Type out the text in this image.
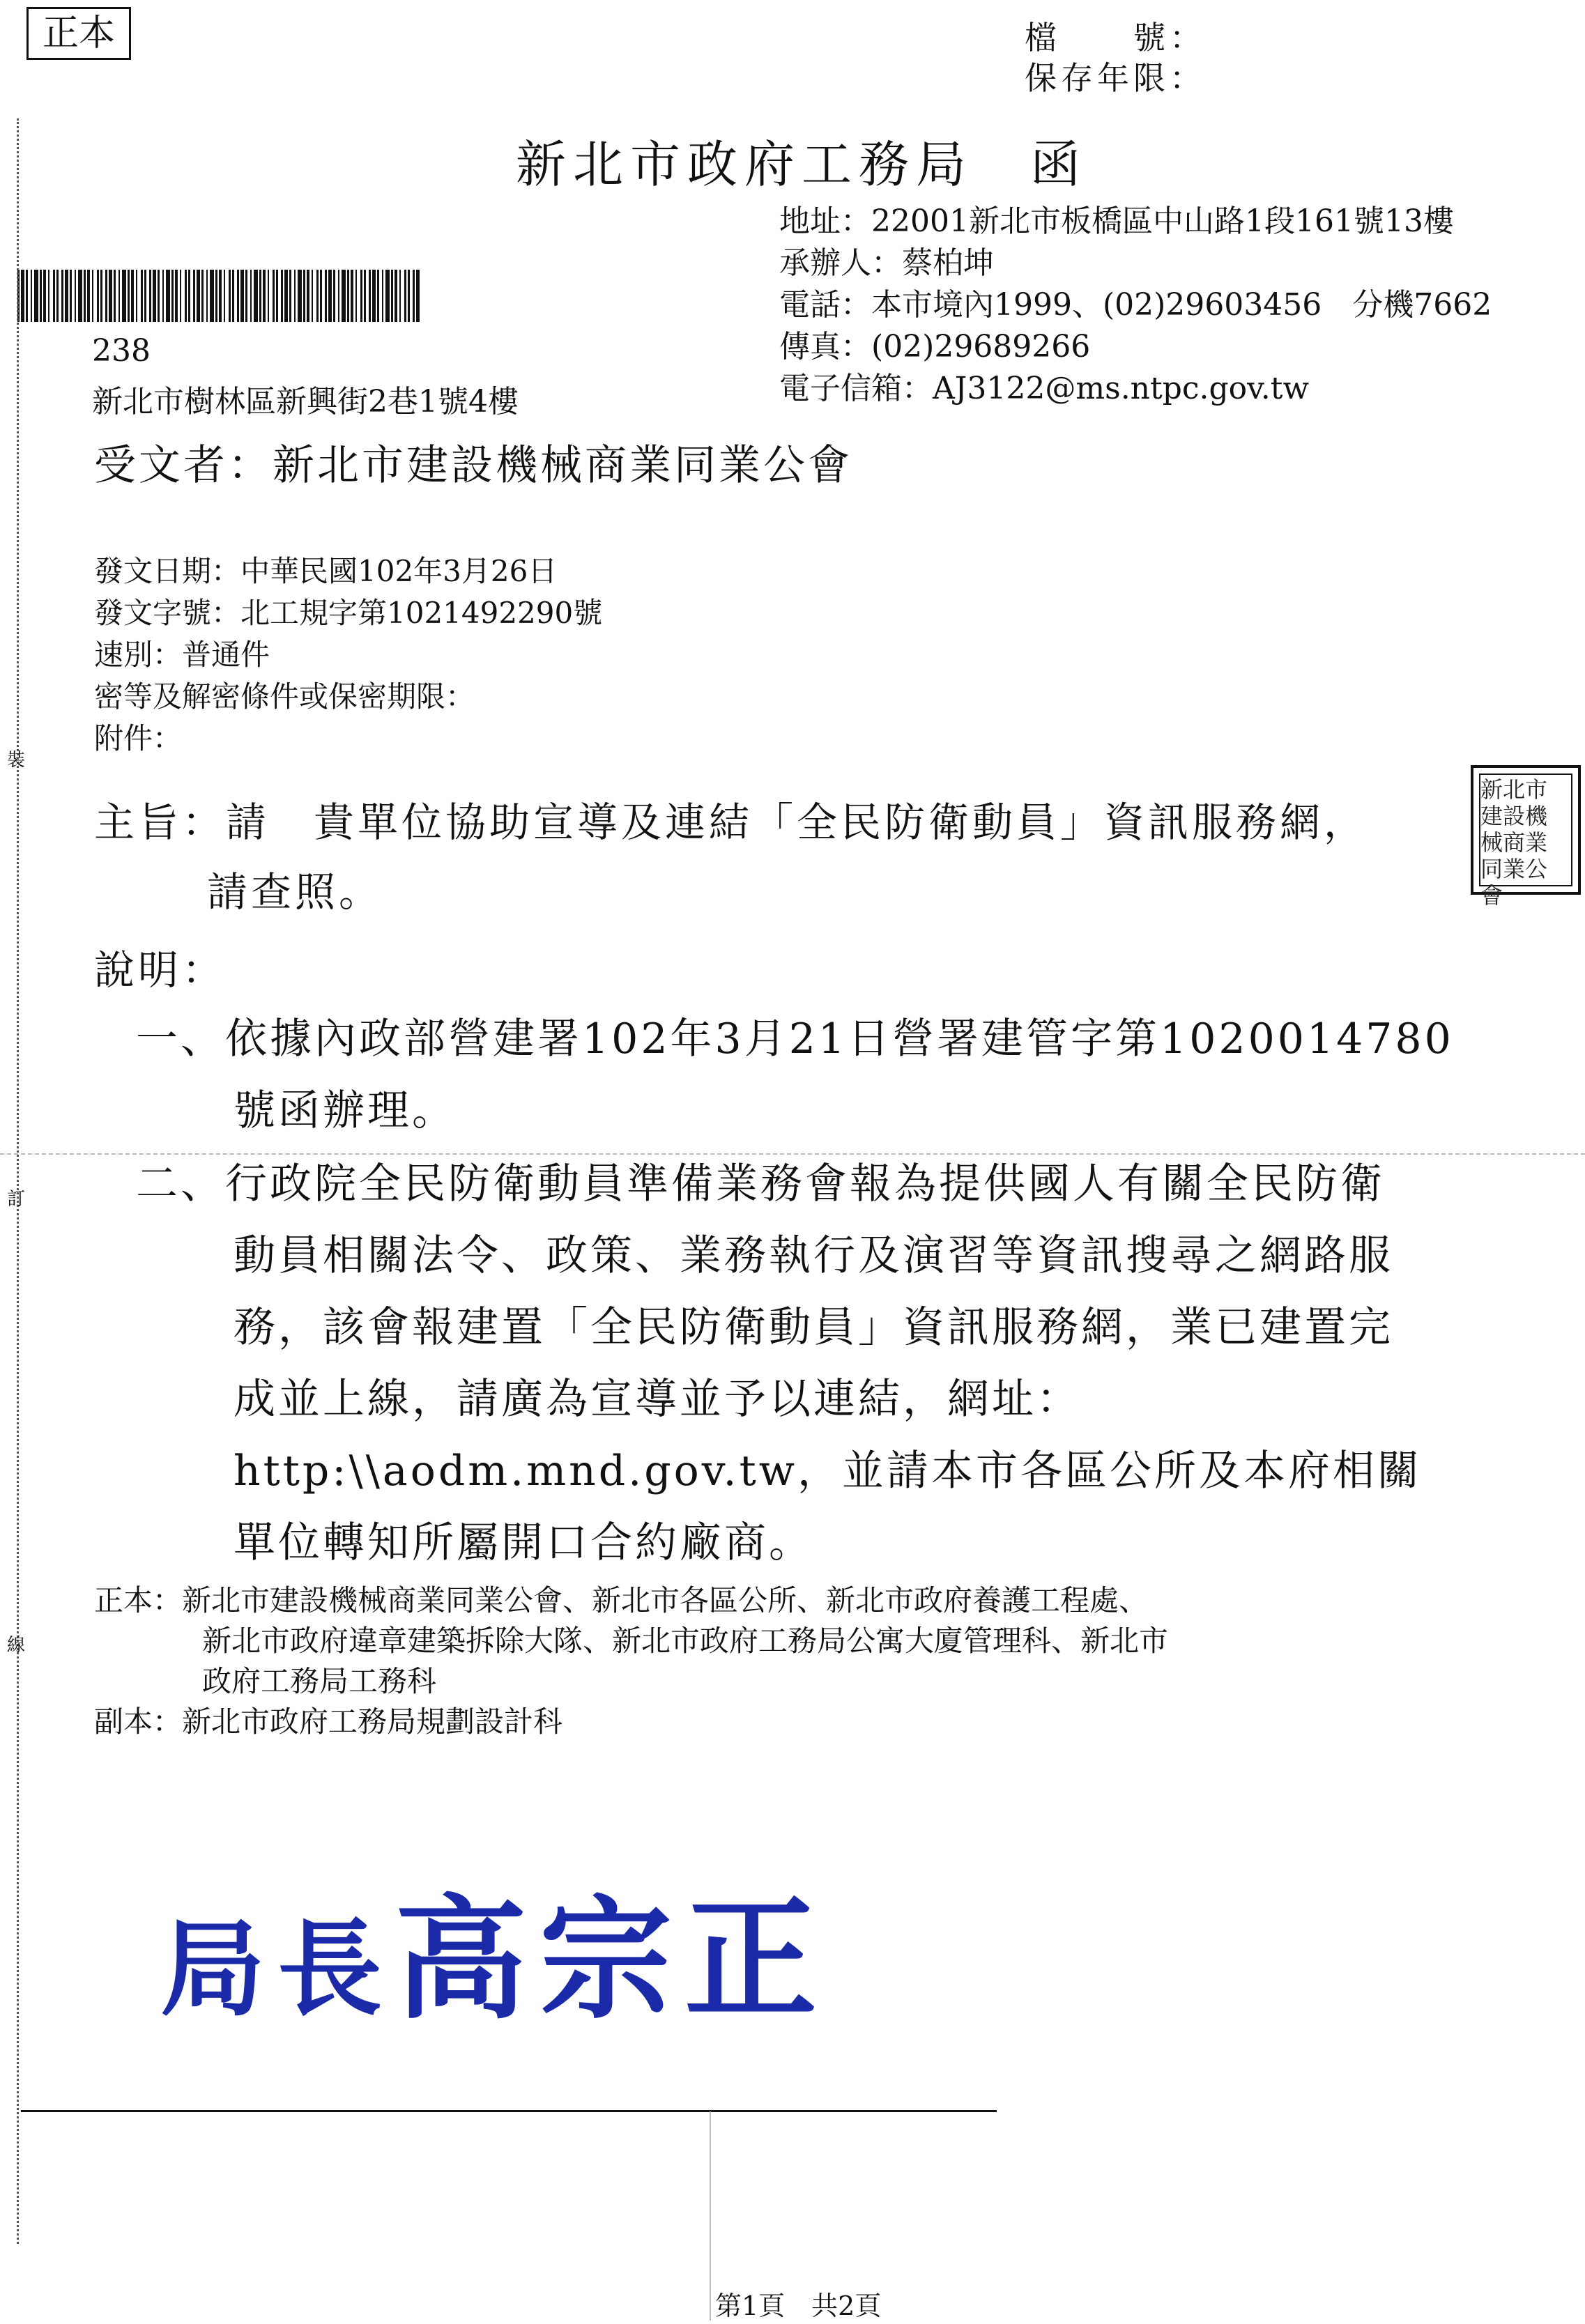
正本	檔　　號：
保存年限：
新北市政府工務局　函
地址：22001新北市板橋區中山路1段161號13樓
承辦人：蔡柏坤
電話：本市境內1999、(02)29603456　分機7662
傳真：(02)29689266
電子信箱：AJ3122@ms.ntpc.gov.tw
238
新北市樹林區新興街2巷1號4樓
受文者：新北市建設機械商業同業公會
發文日期：中華民國102年3月26日
發文字號：北工規字第1021492290號
速別：普通件
密等及解密條件或保密期限：
附件：
主旨：請　貴單位協助宣導及連結「全民防衛動員」資訊服務網，
請查照。
說明：
一、依據內政部營建署102年3月21日營署建管字第1020014780
號函辦理。
二、行政院全民防衛動員準備業務會報為提供國人有關全民防衛
動員相關法令、政策、業務執行及演習等資訊搜尋之網路服
務，該會報建置「全民防衛動員」資訊服務網，業已建置完
成並上線，請廣為宣導並予以連結，網址：
http:\\aodm.mnd.gov.tw，並請本市各區公所及本府相關
單位轉知所屬開口合約廠商。
正本：新北市建設機械商業同業公會、新北市各區公所、新北市政府養護工程處、
新北市政府違章建築拆除大隊、新北市政府工務局公寓大廈管理科、新北市
政府工務局工務科
副本：新北市政府工務局規劃設計科
裝
訂
線
新北市建設機械商業同業公會
局長高宗正
第1頁　共2頁
